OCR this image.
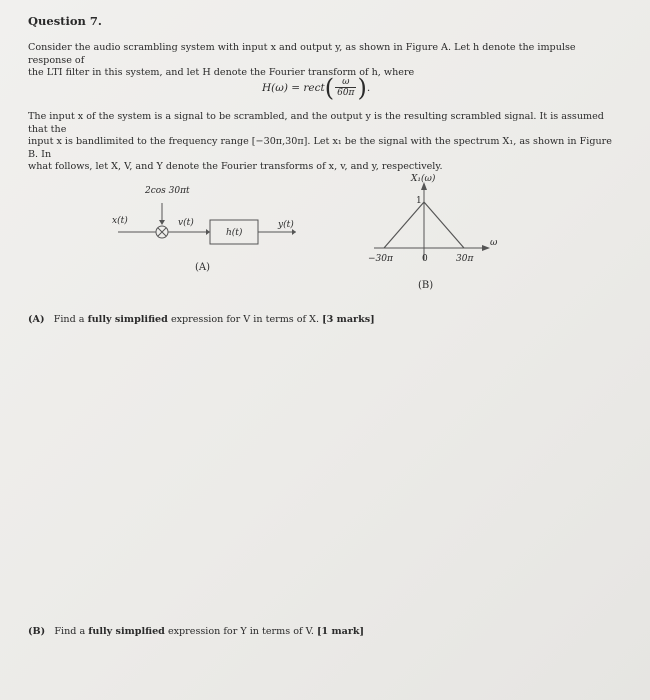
Question 7.
Consider the audio scrambling system with input x and output y, as shown in Figure A. Let h denote the impulse response of
the LTI filter in this system, and let H denote the Fourier transform of h, where
H(ω) = rect ( $\frac{\omega}{60\pi}$ ) .
The input x of the system is a signal to be scrambled, and the output y is the resulting scrambled signal. It is assumed that the
input x is bandlimited to the frequency range [−30π,30π]. Let x₁ be the signal with the spectrum X₁, as shown in Figure B. In
what follows, let X, V, and Y denote the Fourier transforms of x, v, and y, respectively.
2cos 30πt
x(t)	v(t)
h(t)
y(t)
(A)
X₁(ω)
1
−30π	0	30π
ω
(B)
(A) Find a fully simplified expression for V in terms of X. [3 marks]
(B) Find a fully simplfied expression for Y in terms of V. [1 mark]
